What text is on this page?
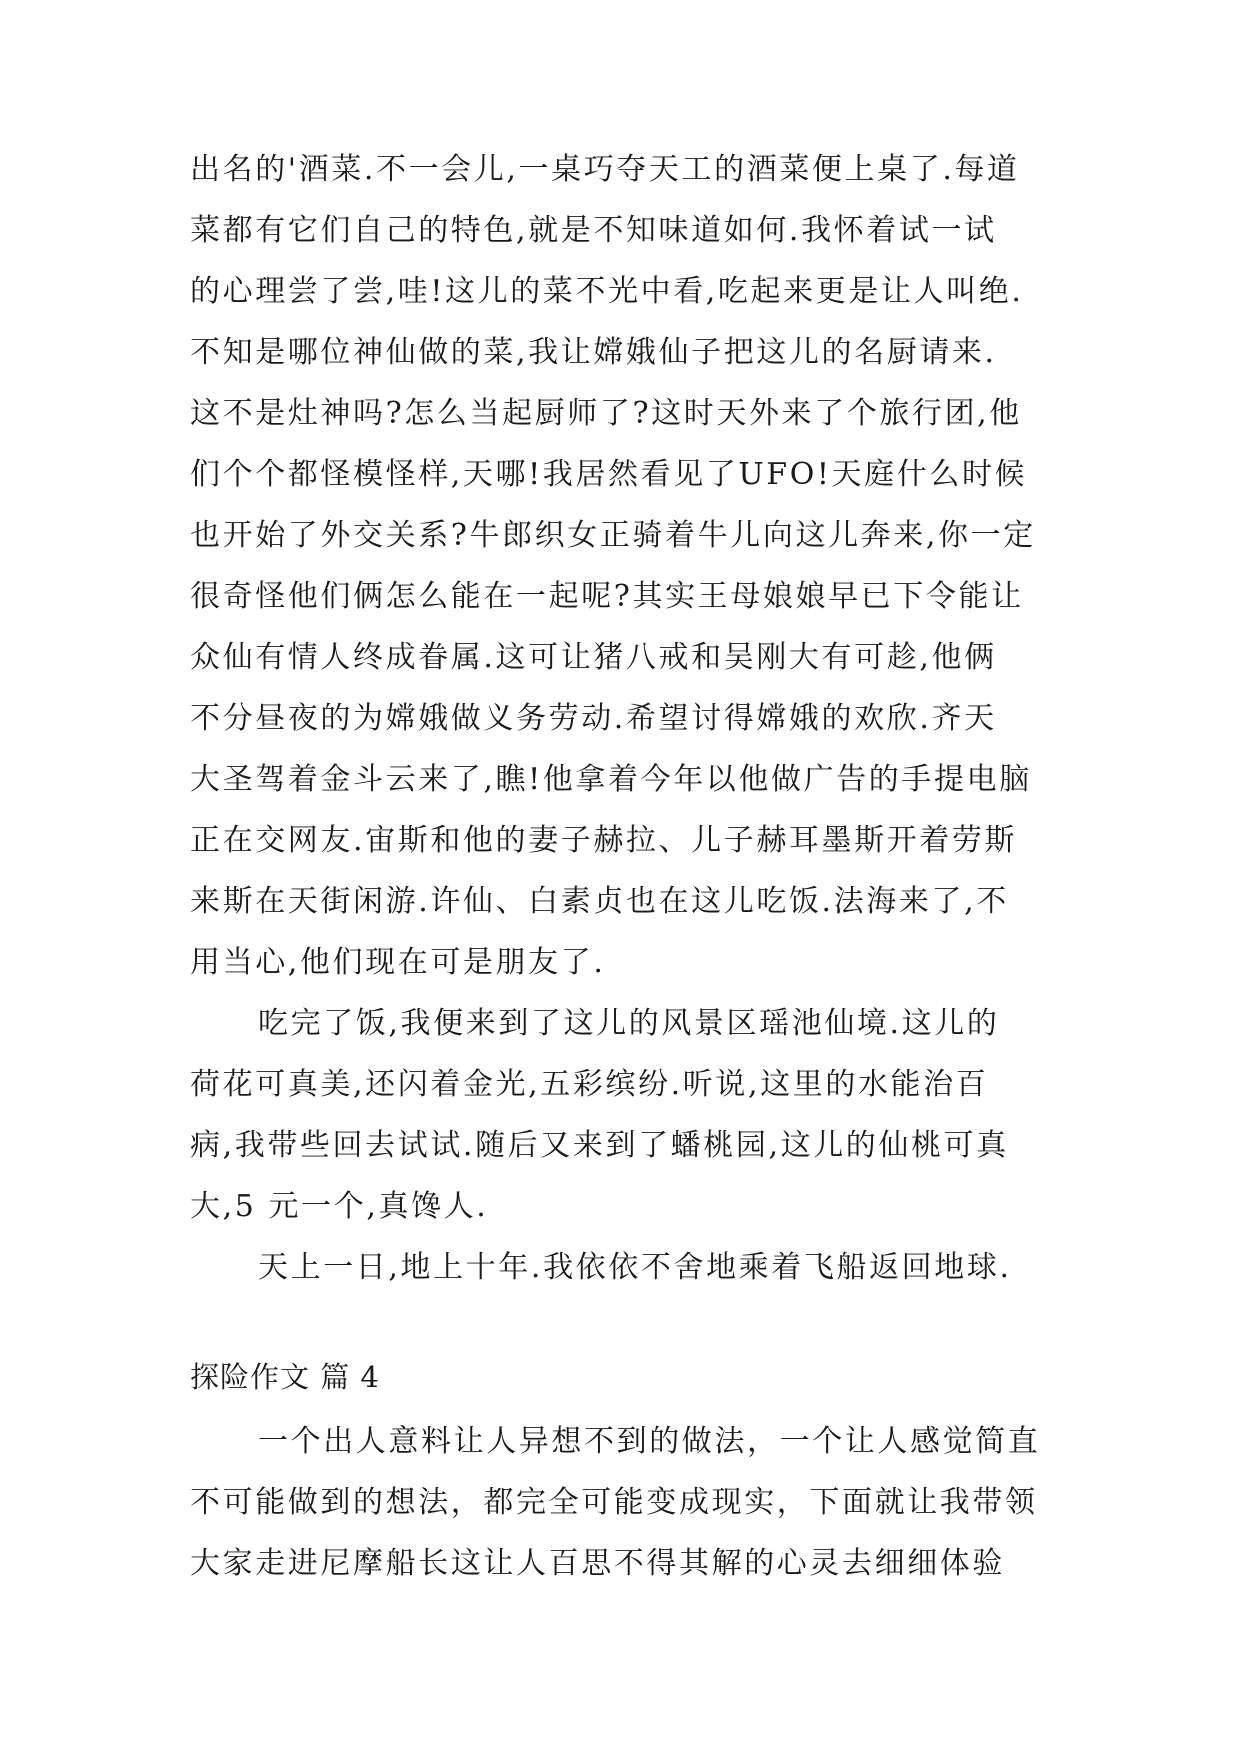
出名的'酒菜.不一会儿,一桌巧夺天工的酒菜便上桌了.每道
菜都有它们自己的特色,就是不知味道如何.我怀着试一试
的心理尝了尝,哇!这儿的菜不光中看,吃起来更是让人叫绝.
不知是哪位神仙做的菜,我让嫦娥仙子把这儿的名厨请来.
这不是灶神吗?怎么当起厨师了?这时天外来了个旅行团,他
们个个都怪模怪样,天哪!我居然看见了UFO!天庭什么时候
也开始了外交关系?牛郎织女正骑着牛儿向这儿奔来,你一定
很奇怪他们俩怎么能在一起呢?其实王母娘娘早已下令能让
众仙有情人终成眷属.这可让猪八戒和吴刚大有可趁,他俩
不分昼夜的为嫦娥做义务劳动.希望讨得嫦娥的欢欣.齐天
大圣驾着金斗云来了,瞧!他拿着今年以他做广告的手提电脑
正在交网友.宙斯和他的妻子赫拉、儿子赫耳墨斯开着劳斯
来斯在天街闲游.许仙、白素贞也在这儿吃饭.法海来了,不
用当心,他们现在可是朋友了.
吃完了饭,我便来到了这儿的风景区瑶池仙境.这儿的
荷花可真美,还闪着金光,五彩缤纷.听说,这里的水能治百
病,我带些回去试试.随后又来到了蟠桃园,这儿的仙桃可真
大,5 元一个,真馋人.
天上一日,地上十年.我依依不舍地乘着飞船返回地球.
探险作文 篇 4
一个出人意料让人异想不到的做法，一个让人感觉简直
不可能做到的想法，都完全可能变成现实，下面就让我带领
大家走进尼摩船长这让人百思不得其解的心灵去细细体验
